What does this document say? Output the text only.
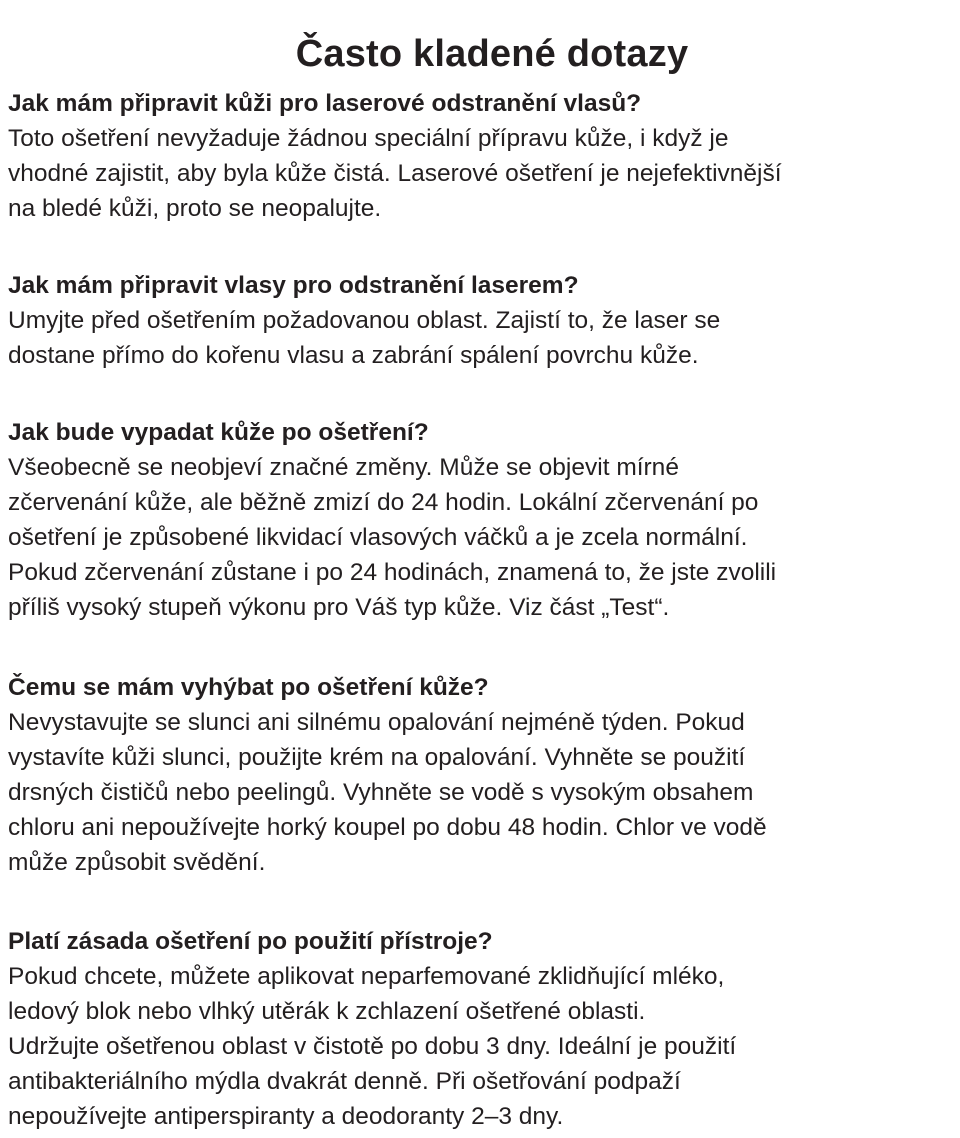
Často kladené dotazy

Jak mám připravit kůži pro laserové odstranění vlasů?

Toto ošetření nevyžaduje žádnou speciální přípravu kůže, i když je
vhodné zajistit, aby byla kůže čistá. Laserové ošetření je nejefektivnější
na bledé kůži, proto se neopalujte.

Jak mám připravit vlasy pro odstranění laserem?

Umyjte před ošetřením požadovanou oblast. Zajistí to, že laser se
dostane přímo do kořenu vlasu a zabrání spálení povrchu kůže.

Jak bude vypadat kůže po ošetření?

Všeobecně se neobjeví značné změny. Může se objevit mírné
zčervenání kůže, ale běžně zmizí do 24 hodin. Lokální zčervenání po
ošetření je způsobené likvidací vlasových váčků a je zcela normální.
Pokud zčervenání zůstane i po 24 hodinách, znamená to, že jste zvolili
příliš vysoký stupeň výkonu pro Váš typ kůže. Viz část „Test“.

Čemu se mám vyhýbat po ošetření kůže?

Nevystavujte se slunci ani silnému opalování nejméně týden. Pokud
vystavíte kůži slunci, použijte krém na opalování. Vyhněte se použití
drsných čističů nebo peelingů. Vyhněte se vodě s vysokým obsahem
chloru ani nepoužívejte horký koupel po dobu 48 hodin. Chlor ve vodě
může způsobit svědění.

Platí zásada ošetření po použití přístroje?

Pokud chcete, můžete aplikovat neparfemované zklidňující mléko,
ledový blok nebo vlhký utěrák k zchlazení ošetřené oblasti.
Udržujte ošetřenou oblast v čistotě po dobu 3 dny. Ideální je použití
antibakteriálního mýdla dvakrát denně. Při ošetřování podpaží
nepoužívejte antiperspiranty a deodoranty 2–3 dny.
